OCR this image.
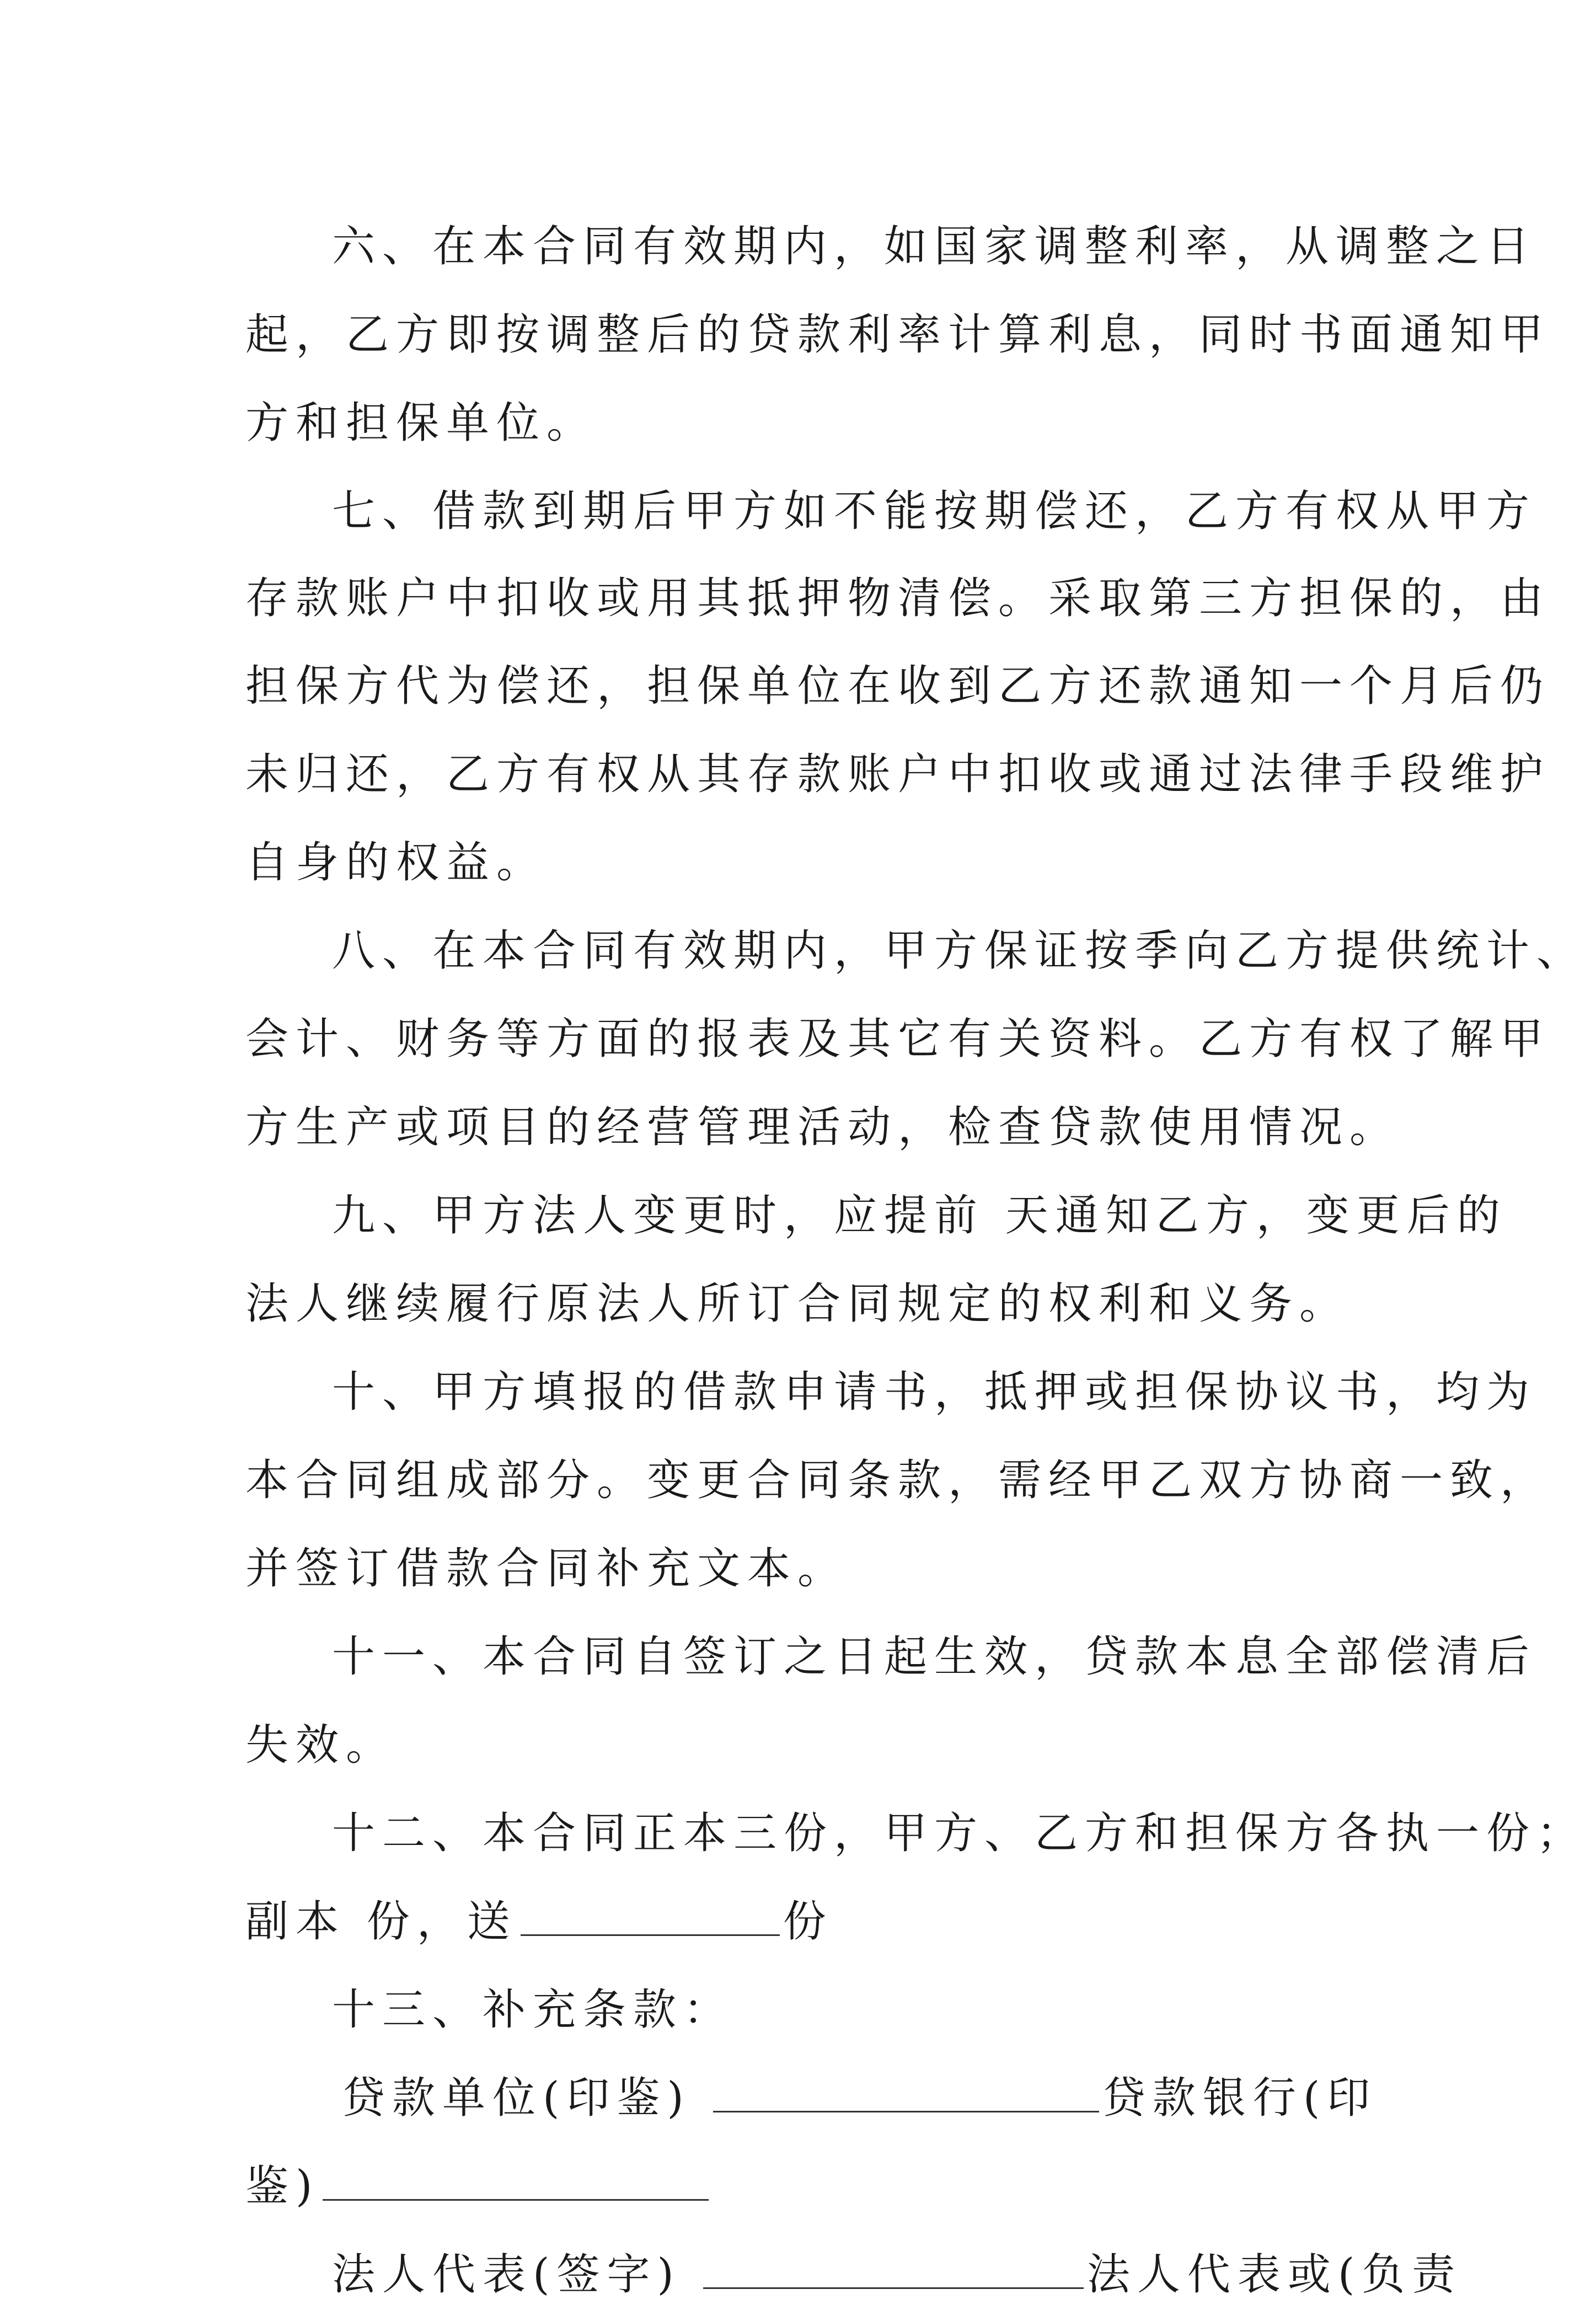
六、在本合同有效期内，如国家调整利率，从调整之日
起，乙方即按调整后的贷款利率计算利息，同时书面通知甲
方和担保单位。
七、借款到期后甲方如不能按期偿还，乙方有权从甲方
存款账户中扣收或用其抵押物清偿。采取第三方担保的，由
担保方代为偿还，担保单位在收到乙方还款通知一个月后仍
未归还，乙方有权从其存款账户中扣收或通过法律手段维护
自身的权益。
八、在本合同有效期内，甲方保证按季向乙方提供统计、
会计、财务等方面的报表及其它有关资料。乙方有权了解甲
方生产或项目的经营管理活动，检查贷款使用情况。
九、甲方法人变更时，应提前 天通知乙方，变更后的
法人继续履行原法人所订合同规定的权利和义务。
十、甲方填报的借款申请书，抵押或担保协议书，均为
本合同组成部分。变更合同条款，需经甲乙双方协商一致，
并签订借款合同补充文本。
十一、本合同自签订之日起生效，贷款本息全部偿清后
失效。
十二、本合同正本三份，甲方、乙方和担保方各执一份；
副本 份，送	份
十三、补充条款：
贷款单位(印鉴)	贷款银行(印
鉴)
法人代表(签字)	法人代表或(负责
